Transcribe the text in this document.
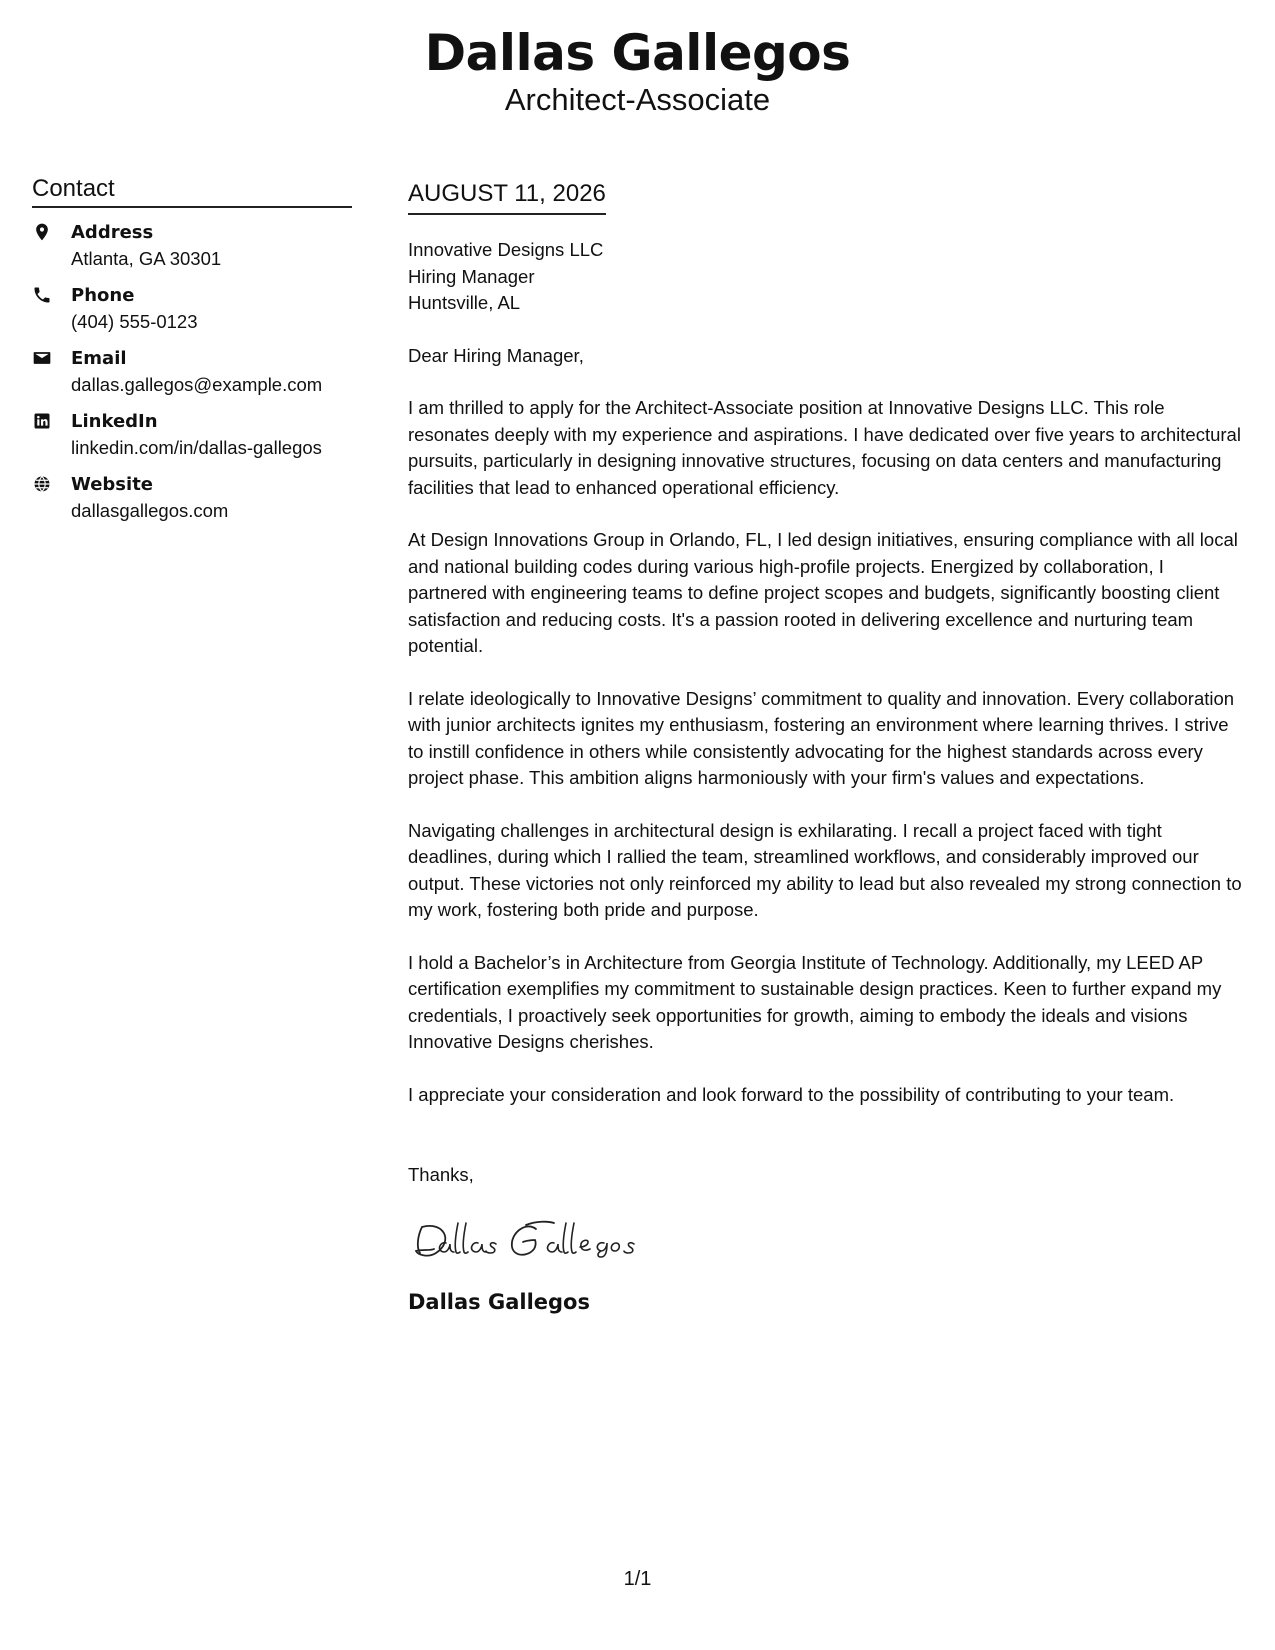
Dallas Gallegos
Architect-Associate
Contact
Address
Atlanta, GA 30301
Phone
(404) 555-0123
Email
dallas.gallegos@example.com
LinkedIn
linkedin.com/in/dallas-gallegos
Website
dallasgallegos.com
AUGUST 11, 2026
Innovative Designs LLC
Hiring Manager
Huntsville, AL
Dear Hiring Manager,
I am thrilled to apply for the Architect-Associate position at Innovative Designs LLC. This role resonates deeply with my experience and aspirations. I have dedicated over five years to architectural pursuits, particularly in designing innovative structures, focusing on data centers and manufacturing facilities that lead to enhanced operational efficiency.
At Design Innovations Group in Orlando, FL, I led design initiatives, ensuring compliance with all local and national building codes during various high-profile projects. Energized by collaboration, I partnered with engineering teams to define project scopes and budgets, significantly boosting client satisfaction and reducing costs. It's a passion rooted in delivering excellence and nurturing team potential.
I relate ideologically to Innovative Designs’ commitment to quality and innovation. Every collaboration with junior architects ignites my enthusiasm, fostering an environment where learning thrives. I strive to instill confidence in others while consistently advocating for the highest standards across every project phase. This ambition aligns harmoniously with your firm's values and expectations.
Navigating challenges in architectural design is exhilarating. I recall a project faced with tight deadlines, during which I rallied the team, streamlined workflows, and considerably improved our output. These victories not only reinforced my ability to lead but also revealed my strong connection to my work, fostering both pride and purpose.
I hold a Bachelor’s in Architecture from Georgia Institute of Technology. Additionally, my LEED AP certification exemplifies my commitment to sustainable design practices. Keen to further expand my credentials, I proactively seek opportunities for growth, aiming to embody the ideals and visions Innovative Designs cherishes.
I appreciate your consideration and look forward to the possibility of contributing to your team.
Thanks,
Dallas Gallegos
1/1
